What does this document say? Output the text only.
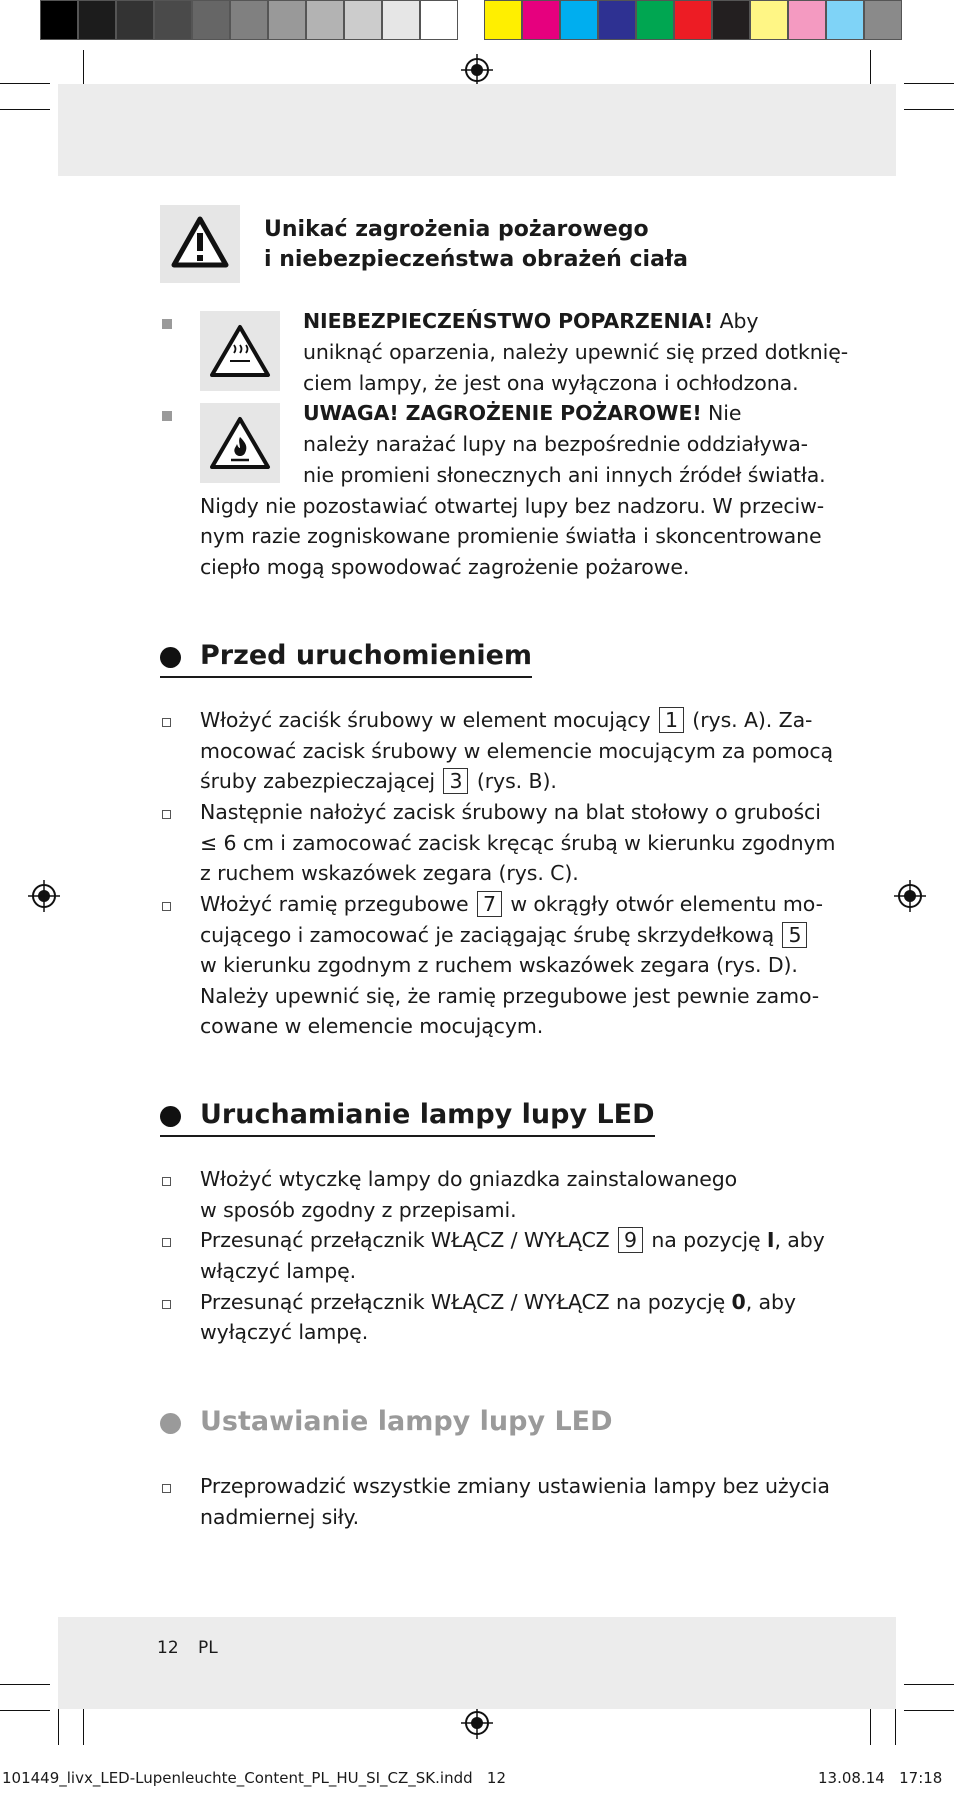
Unikać zagrożenia pożarowego
i niebezpieczeństwa obrażeń ciała
NIEBEZPIECZEŃSTWO POPARZENIA! Aby
uniknąć oparzenia, należy upewnić się przed dotknię-
ciem lampy, że jest ona wyłączona i ochłodzona.
UWAGA! ZAGROŻENIE POŻAROWE! Nie
należy narażać lupy na bezpośrednie oddziaływa-
nie promieni słonecznych ani innych źródeł światła.
Nigdy nie pozostawiać otwartej lupy bez nadzoru. W przeciw-
nym razie zogniskowane promienie światła i skoncentrowane
ciepło mogą spowodować zagrożenie pożarowe.
Przed uruchomieniem
Włożyć zaciśk śrubowy w element mocujący 1 (rys. A). Za-
mocować zacisk śrubowy w elemencie mocującym za pomocą
śruby zabezpieczającej 3 (rys. B).
Następnie nałożyć zacisk śrubowy na blat stołowy o grubości
≤ 6 cm i zamocować zacisk kręcąc śrubą w kierunku zgodnym
z ruchem wskazówek zegara (rys. C).
Włożyć ramię przegubowe 7 w okrągły otwór elementu mo-
cującego i zamocować je zaciągając śrubę skrzydełkową 5
w kierunku zgodnym z ruchem wskazówek zegara (rys. D).
Należy upewnić się, że ramię przegubowe jest pewnie zamo-
cowane w elemencie mocującym.
Uruchamianie lampy lupy LED
Włożyć wtyczkę lampy do gniazdka zainstalowanego
w sposób zgodny z przepisami.
Przesunąć przełącznik WŁĄCZ / WYŁĄCZ 9 na pozycję I, aby
włączyć lampę.
Przesunąć przełącznik WŁĄCZ / WYŁĄCZ na pozycję 0, aby
wyłączyć lampę.
Ustawianie lampy lupy LED
Przeprowadzić wszystkie zmiany ustawienia lampy bez użycia
nadmiernej siły.
12 PL
101449_livx_LED-Lupenleuchte_Content_PL_HU_SI_CZ_SK.indd   12	13.08.14   17:18
